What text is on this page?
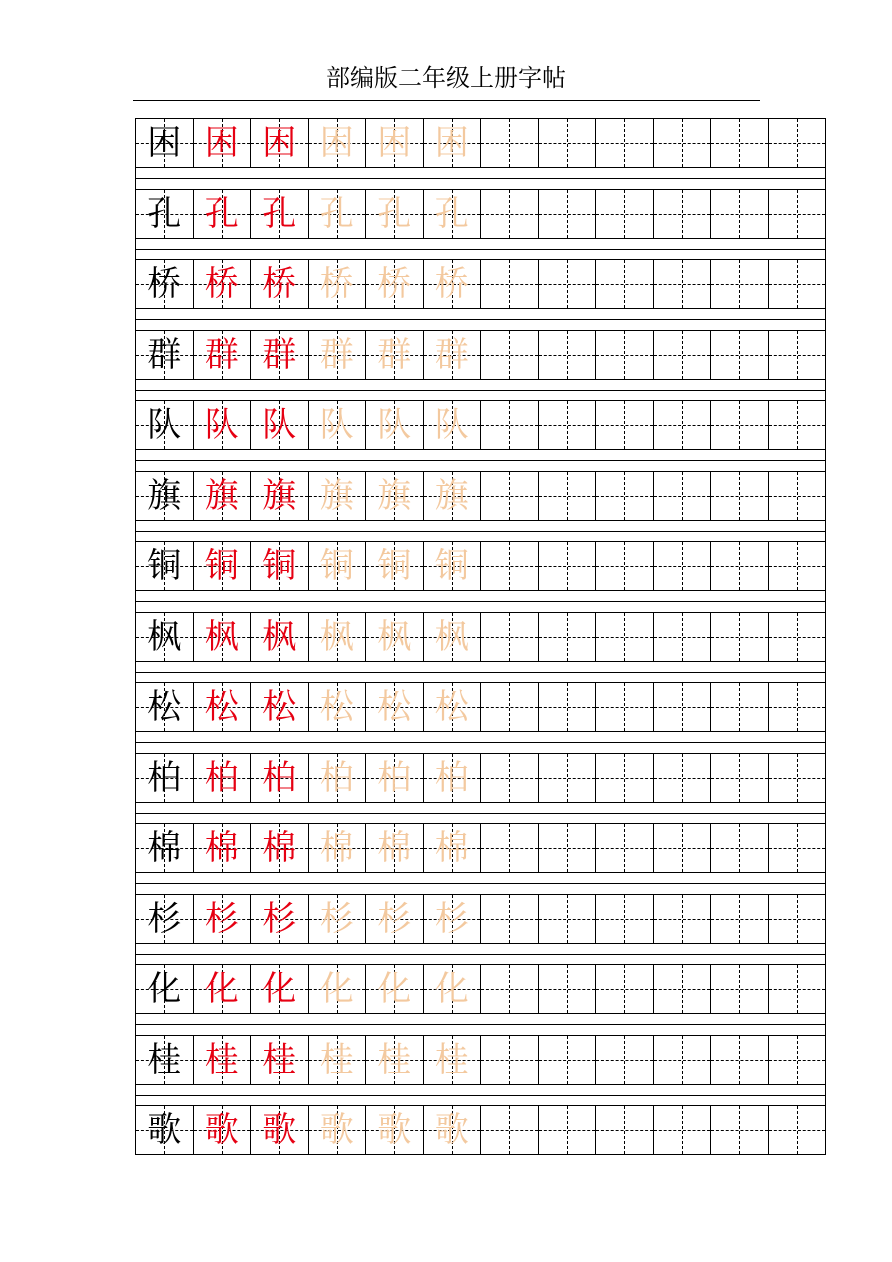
部编版二年级上册字帖
困 困 困 困 困 困
孔 孔 孔 孔 孔 孔
桥 桥 桥 桥 桥 桥
群 群 群 群 群 群
队 队 队 队 队 队
旗 旗 旗 旗 旗 旗
铜 铜 铜 铜 铜 铜
枫 枫 枫 枫 枫 枫
松 松 松 松 松 松
柏 柏 柏 柏 柏 柏
棉 棉 棉 棉 棉 棉
杉 杉 杉 杉 杉 杉
化 化 化 化 化 化
桂 桂 桂 桂 桂 桂
歌 歌 歌 歌 歌 歌
